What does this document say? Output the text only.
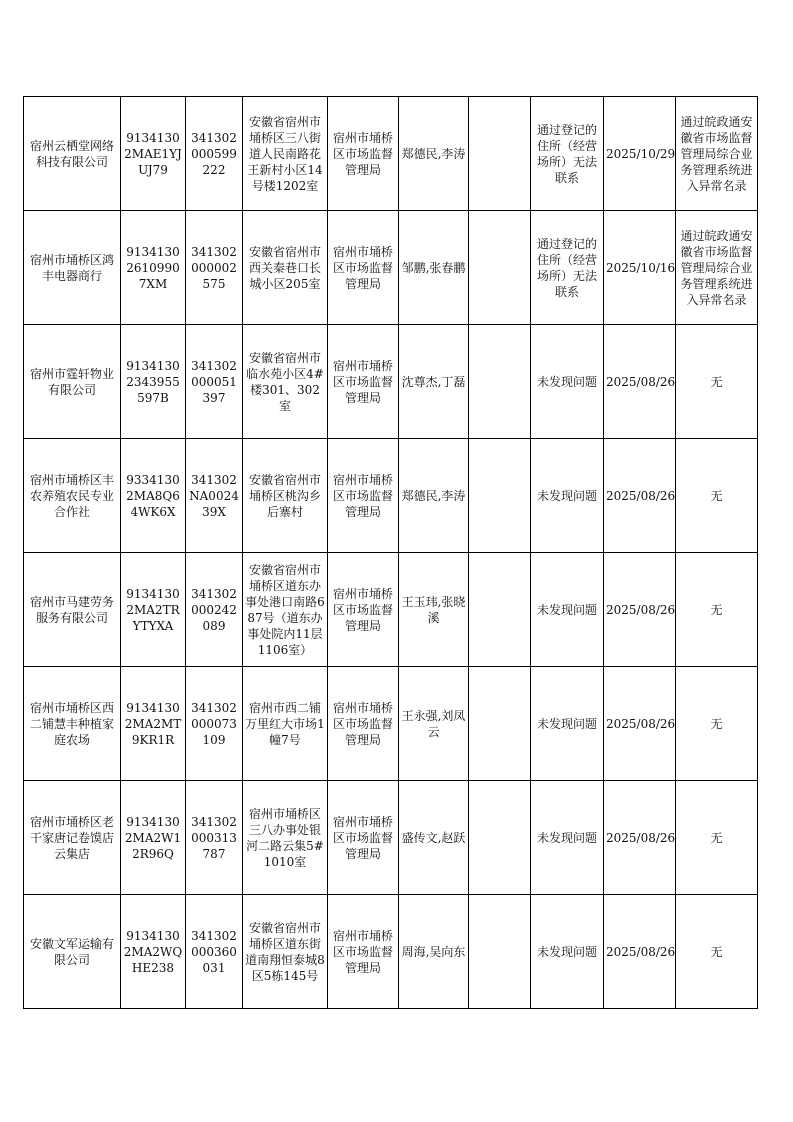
宿州云栖堂网络科技有限公司	91341302MAE1YJUJ79	341302000599222	安徽省宿州市埇桥区三八街道人民南路花王新村小区14号楼1202室	宿州市埇桥区市场监督管理局	郑德民,李涛		通过登记的住所（经营场所）无法联系	2025/10/29	通过皖政通安徽省市场监督管理局综合业务管理系统进入异常名录
宿州市埇桥区鸿丰电器商行	913413026109907XM	341302000002575	安徽省宿州市西关秦巷口长城小区205室	宿州市埇桥区市场监督管理局	邹鹏,张春鹏		通过登记的住所（经营场所）无法联系	2025/10/16	通过皖政通安徽省市场监督管理局综合业务管理系统进入异常名录
宿州市霆轩物业有限公司	91341302343955597B	341302000051397	安徽省宿州市临水苑小区4#楼301、302室	宿州市埇桥区市场监督管理局	沈尊杰,丁磊		未发现问题	2025/08/26	无
宿州市埇桥区丰农养殖农民专业合作社	93341302MA8Q64WK6X	341302NA002439X	安徽省宿州市埇桥区桃沟乡后寨村	宿州市埇桥区市场监督管理局	郑德民,李涛		未发现问题	2025/08/26	无
宿州市马建劳务服务有限公司	91341302MA2TRYTYXA	341302000242089	安徽省宿州市埇桥区道东办事处港口南路687号（道东办事处院内11层1106室）	宿州市埇桥区市场监督管理局	王玉玮,张晓溪		未发现问题	2025/08/26	无
宿州市埇桥区西二铺慧丰种植家庭农场	91341302MA2MT9KR1R	341302000073109	宿州市西二铺万里红大市场1幢7号	宿州市埇桥区市场监督管理局	王永强,刘凤云		未发现问题	2025/08/26	无
宿州市埇桥区老干家唐记卷馍店云集店	91341302MA2W12R96Q	341302000313787	宿州市埇桥区三八办事处银河二路云集5#1010室	宿州市埇桥区市场监督管理局	盛传文,赵跃		未发现问题	2025/08/26	无
安徽文军运输有限公司	91341302MA2WQHE238	341302000360031	安徽省宿州市埇桥区道东街道南翔恒泰城8区5栋145号	宿州市埇桥区市场监督管理局	周海,吴向东		未发现问题	2025/08/26	无
